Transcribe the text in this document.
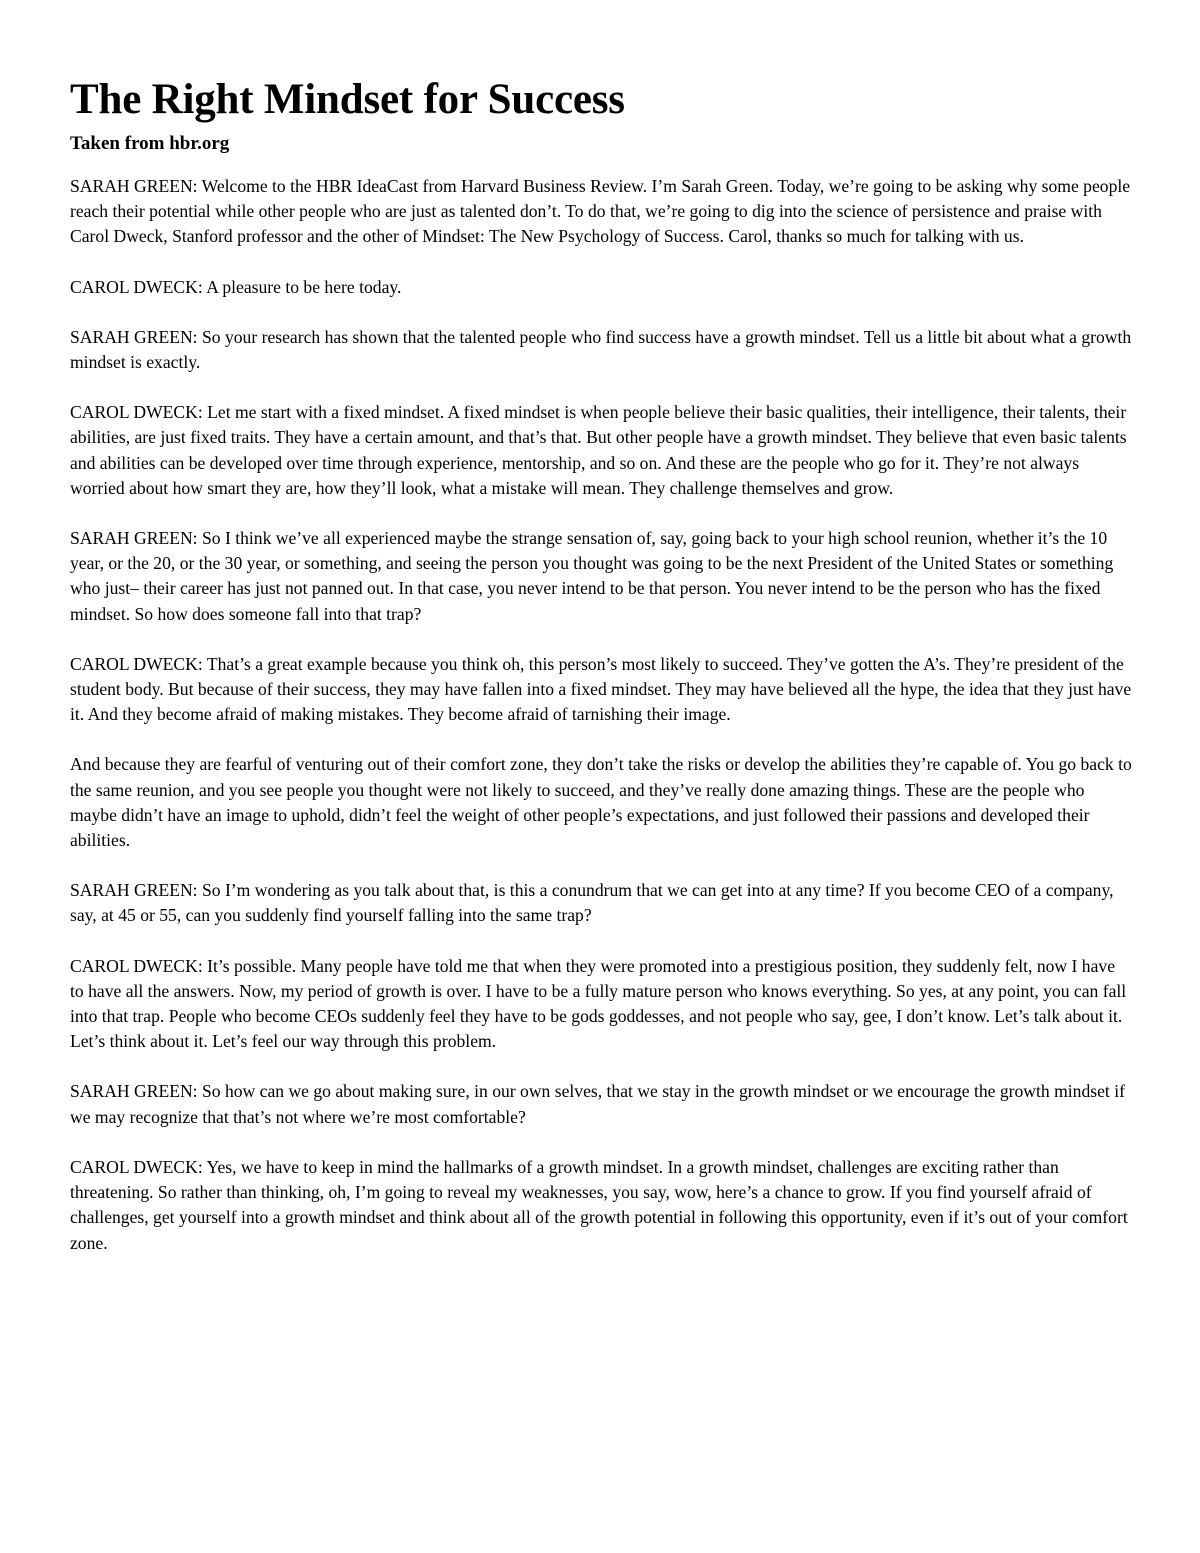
The Right Mindset for Success
Taken from hbr.org

SARAH GREEN: Welcome to the HBR IdeaCast from Harvard Business Review. I’m Sarah Green. Today, we’re going to be asking why some people reach their potential while other people who are just as talented don’t. To do that, we’re going to dig into the science of persistence and praise with Carol Dweck, Stanford professor and the other of Mindset: The New Psychology of Success. Carol, thanks so much for talking with us.

CAROL DWECK: A pleasure to be here today.

SARAH GREEN: So your research has shown that the talented people who find success have a growth mindset. Tell us a little bit about what a growth mindset is exactly.

CAROL DWECK: Let me start with a fixed mindset. A fixed mindset is when people believe their basic qualities, their intelligence, their talents, their abilities, are just fixed traits. They have a certain amount, and that’s that. But other people have a growth mindset. They believe that even basic talents and abilities can be developed over time through experience, mentorship, and so on. And these are the people who go for it. They’re not always worried about how smart they are, how they’ll look, what a mistake will mean. They challenge themselves and grow.

SARAH GREEN: So I think we’ve all experienced maybe the strange sensation of, say, going back to your high school reunion, whether it’s the 10 year, or the 20, or the 30 year, or something, and seeing the person you thought was going to be the next President of the United States or something who just– their career has just not panned out. In that case, you never intend to be that person. You never intend to be the person who has the fixed mindset. So how does someone fall into that trap?

CAROL DWECK: That’s a great example because you think oh, this person’s most likely to succeed. They’ve gotten the A’s. They’re president of the student body. But because of their success, they may have fallen into a fixed mindset. They may have believed all the hype, the idea that they just have it. And they become afraid of making mistakes. They become afraid of tarnishing their image.

And because they are fearful of venturing out of their comfort zone, they don’t take the risks or develop the abilities they’re capable of. You go back to the same reunion, and you see people you thought were not likely to succeed, and they’ve really done amazing things. These are the people who maybe didn’t have an image to uphold, didn’t feel the weight of other people’s expectations, and just followed their passions and developed their abilities.

SARAH GREEN: So I’m wondering as you talk about that, is this a conundrum that we can get into at any time? If you become CEO of a company, say, at 45 or 55, can you suddenly find yourself falling into the same trap?

CAROL DWECK: It’s possible. Many people have told me that when they were promoted into a prestigious position, they suddenly felt, now I have to have all the answers. Now, my period of growth is over. I have to be a fully mature person who knows everything. So yes, at any point, you can fall into that trap. People who become CEOs suddenly feel they have to be gods goddesses, and not people who say, gee, I don’t know. Let’s talk about it. Let’s think about it. Let’s feel our way through this problem.

SARAH GREEN: So how can we go about making sure, in our own selves, that we stay in the growth mindset or we encourage the growth mindset if we may recognize that that’s not where we’re most comfortable?

CAROL DWECK: Yes, we have to keep in mind the hallmarks of a growth mindset. In a growth mindset, challenges are exciting rather than threatening. So rather than thinking, oh, I’m going to reveal my weaknesses, you say, wow, here’s a chance to grow. If you find yourself afraid of challenges, get yourself into a growth mindset and think about all of the growth potential in following this opportunity, even if it’s out of your comfort zone.
